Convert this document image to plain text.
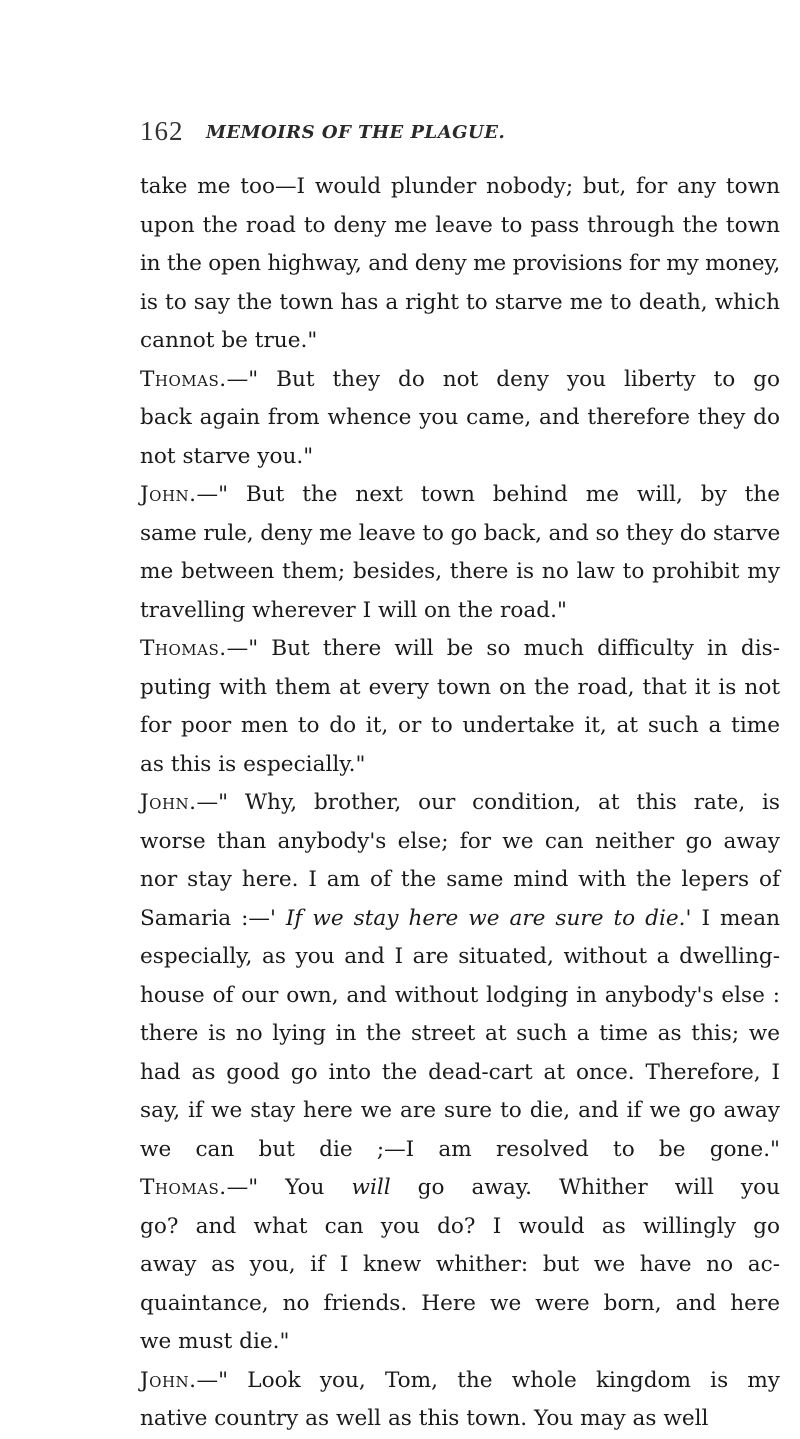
162 MEMOIRS OF THE PLAGUE.
take me too—I would plunder nobody; but, for any town
upon the road to deny me leave to pass through the town
in the open highway, and deny me provisions for my money,
is to say the town has a right to starve me to death, which
cannot be true."
Thomas.—" But they do not deny you liberty to go
back again from whence you came, and therefore they do
not starve you."
John.—" But the next town behind me will, by the
same rule, deny me leave to go back, and so they do starve
me between them; besides, there is no law to prohibit my
travelling wherever I will on the road."
Thomas.—" But there will be so much difficulty in dis-
puting with them at every town on the road, that it is not
for poor men to do it, or to undertake it, at such a time
as this is especially."
John.—" Why, brother, our condition, at this rate, is
worse than anybody's else; for we can neither go away
nor stay here. I am of the same mind with the lepers of
Samaria :—' If we stay here we are sure to die.' I mean
especially, as you and I are situated, without a dwelling-
house of our own, and without lodging in anybody's else :
there is no lying in the street at such a time as this; we
had as good go into the dead-cart at once. Therefore, I
say, if we stay here we are sure to die, and if we go away
we can but die ;—I am resolved to be gone."
Thomas.—" You will go away. Whither will you
go? and what can you do? I would as willingly go
away as you, if I knew whither: but we have no ac-
quaintance, no friends. Here we were born, and here
we must die."
John.—" Look you, Tom, the whole kingdom is my
native country as well as this town. You may as well
